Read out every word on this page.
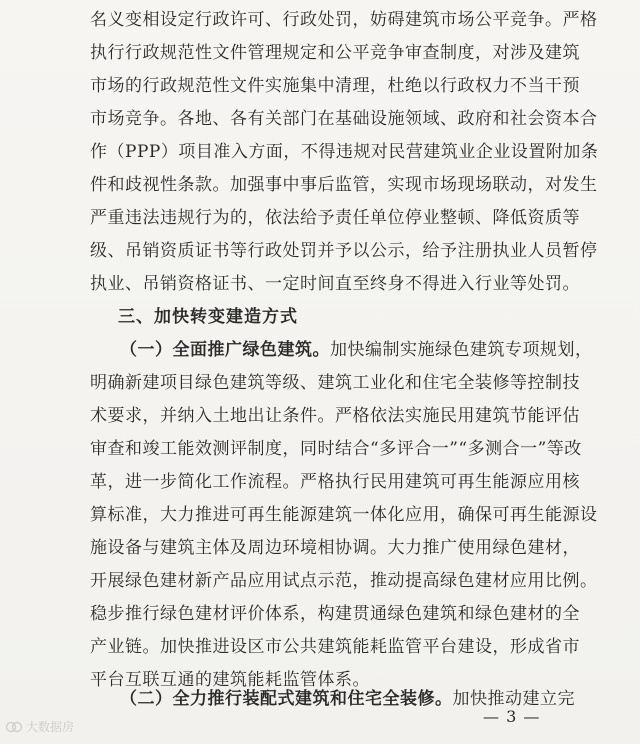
名义变相设定行政许可、行政处罚，妨碍建筑市场公平竞争。严格
执行行政规范性文件管理规定和公平竞争审查制度，对涉及建筑
市场的行政规范性文件实施集中清理，杜绝以行政权力不当干预
市场竞争。各地、各有关部门在基础设施领域、政府和社会资本合
作（PPP）项目准入方面，不得违规对民营建筑业企业设置附加条
件和歧视性条款。加强事中事后监管，实现市场现场联动，对发生
严重违法违规行为的，依法给予责任单位停业整顿、降低资质等
级、吊销资质证书等行政处罚并予以公示，给予注册执业人员暂停
执业、吊销资格证书、一定时间直至终身不得进入行业等处罚。
三、加快转变建造方式
（一）全面推广绿色建筑。加快编制实施绿色建筑专项规划，
明确新建项目绿色建筑等级、建筑工业化和住宅全装修等控制技
术要求，并纳入土地出让条件。严格依法实施民用建筑节能评估
审查和竣工能效测评制度，同时结合“多评合一”“多测合一”等改
革，进一步简化工作流程。严格执行民用建筑可再生能源应用核
算标准，大力推进可再生能源建筑一体化应用，确保可再生能源设
施设备与建筑主体及周边环境相协调。大力推广使用绿色建材，
开展绿色建材新产品应用试点示范，推动提高绿色建材应用比例。
稳步推行绿色建材评价体系，构建贯通绿色建筑和绿色建材的全
产业链。加快推进设区市公共建筑能耗监管平台建设，形成省市
平台互联互通的建筑能耗监管体系。
（二）全力推行装配式建筑和住宅全装修。加快推动建立完
— 3 —
大数据房
